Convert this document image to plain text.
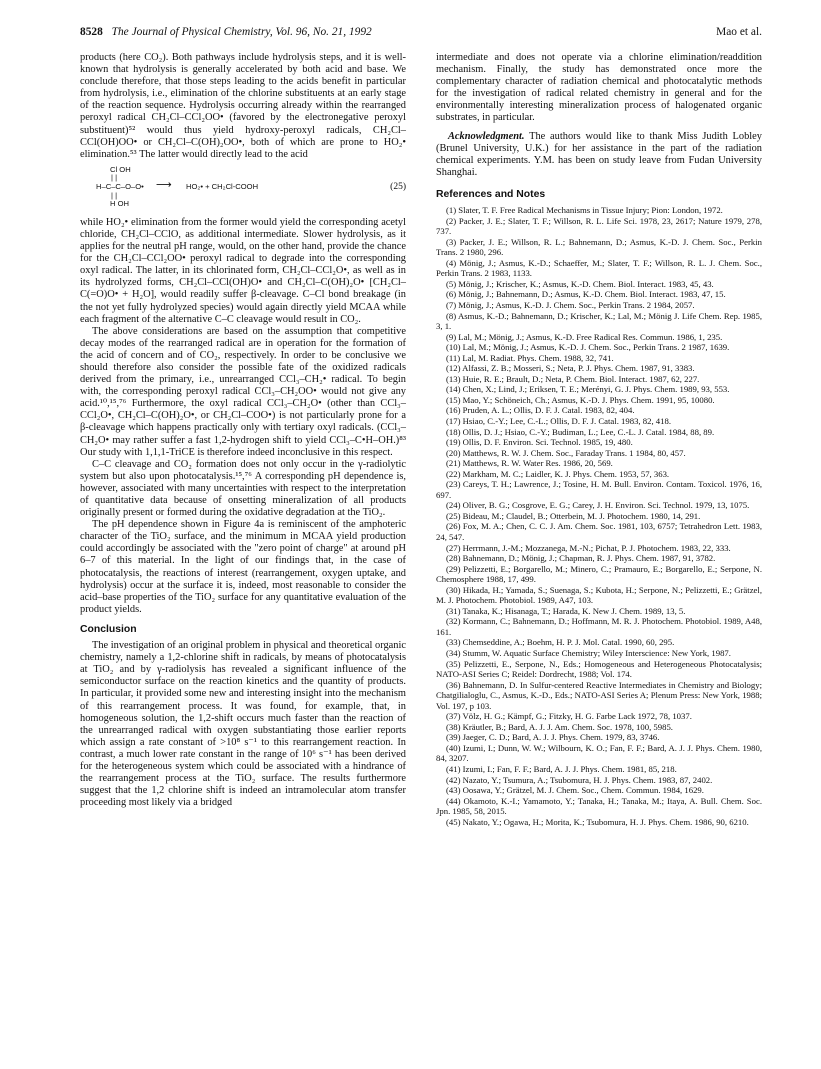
8528 The Journal of Physical Chemistry, Vol. 96, No. 21, 1992	Mao et al.

products (here CO₂). Both pathways include hydrolysis steps, and it is well-known that hydrolysis is generally accelerated by both acid and base. We conclude therefore, that those steps leading to the acids benefit in particular from hydrolysis, i.e., elimination of the chlorine substituents at an early stage of the reaction sequence. Hydrolysis occurring already within the rearranged peroxyl radical CH₂Cl–CCl₂OO• (favored by the electronegative peroxyl substituent)⁵² would thus yield hydroxy-peroxyl radicals, CH₂Cl–CCl(OH)OO• or CH₂Cl–C(OH)₂OO•, both of which are prone to HO₂• elimination.⁵³ The latter would directly lead to the acid

Cl OH
| |
H–C–C–O–O• ⟶ HO₂• + CH₂Cl-COOH
| |
H OH
(25)

while HO₂• elimination from the former would yield the corresponding acetyl chloride, CH₂Cl–CClO, as additional intermediate. Slower hydrolysis, as it applies for the neutral pH range, would, on the other hand, provide the chance for the CH₂Cl–CCl₂OO• peroxyl radical to degrade into the corresponding oxyl radical. The latter, in its chlorinated form, CH₂Cl–CCl₂O•, as well as in its hydrolyzed forms, CH₂Cl–CCl(OH)O• and CH₂Cl–C(OH)₂O• [CH₂Cl–C(=O)O• + H₂O], would readily suffer β-cleavage. C–Cl bond breakage (in the not yet fully hydrolyzed species) would again directly yield MCAA while each fragment of the alternative C–C cleavage would result in CO₂.

The above considerations are based on the assumption that competitive decay modes of the rearranged radical are in operation for the formation of the acid of concern and of CO₂, respectively. In order to be conclusive we should therefore also consider the possible fate of the oxidized radicals derived from the primary, i.e., unrearranged CCl₃–CH₂• radical. To begin with, the corresponding peroxyl radical CCl₃–CH₂OO• would not give any acid.¹⁰,¹⁵,⁷⁶ Furthermore, the oxyl radical CCl₃–CH₂O• (other than CCl₃–CCl₂O•, CH₂Cl–C(OH)₂O•, or CH₂Cl–COO•) is not particularly prone for a β-cleavage which happens practically only with tertiary oxyl radicals. (CCl₃–CH₂O• may rather suffer a fast 1,2-hydrogen shift to yield CCl₃–C•H–OH.)⁸³ Our study with 1,1,1-TriCE is therefore indeed inconclusive in this respect.

C–C cleavage and CO₂ formation does not only occur in the γ-radiolytic system but also upon photocatalysis.¹⁵,⁷⁶ A corresponding pH dependence is, however, associated with many uncertainties with respect to the interpretation of quantitative data because of onsetting mineralization of all products originally present or formed during the oxidative degradation at the TiO₂.

The pH dependence shown in Figure 4a is reminiscent of the amphoteric character of the TiO₂ surface, and the minimum in MCAA yield production could accordingly be associated with the "zero point of charge" at around pH 6–7 of this material. In the light of our findings that, in the case of photocatalysis, the reactions of interest (rearrangement, oxygen uptake, and hydrolysis) occur at the surface it is, indeed, most reasonable to consider the acid–base properties of the TiO₂ surface for any quantitative evaluation of the product yields.

Conclusion

The investigation of an original problem in physical and theoretical organic chemistry, namely a 1,2-chlorine shift in radicals, by means of photocatalysis at TiO₂ and by γ-radiolysis has revealed a significant influence of the semiconductor surface on the reaction kinetics and the quantity of products. In particular, it provided some new and interesting insight into the mechanism of this rearrangement process. It was found, for example, that, in homogeneous solution, the 1,2-shift occurs much faster than the reaction of the unrearranged radical with oxygen substantiating those earlier reports which assign a rate constant of >10⁸ s⁻¹ to this rearrangement reaction. In contrast, a much lower rate constant in the range of 10⁶ s⁻¹ has been derived for the heterogeneous system which could be associated with a hindrance of the rearrangement process at the TiO₂ surface. The results furthermore suggest that the 1,2 chlorine shift is indeed an intramolecular atom transfer proceeding most likely via a bridged

intermediate and does not operate via a chlorine elimination/readdition mechanism. Finally, the study has demonstrated once more the complementary character of radiation chemical and photocatalytic methods for the investigation of radical related chemistry in general and for the environmentally interesting mineralization process of halogenated organic substrates, in particular.

Acknowledgment. The authors would like to thank Miss Judith Lobley (Brunel University, U.K.) for her assistance in the part of the radiation chemical experiments. Y.M. has been on study leave from Fudan University Shanghai.

References and Notes

(1) Slater, T. F. Free Radical Mechanisms in Tissue Injury; Pion: London, 1972.

(2) Packer, J. E.; Slater, T. F.; Willson, R. L. Life Sci. 1978, 23, 2617; Nature 1979, 278, 737.

(3) Packer, J. E.; Willson, R. L.; Bahnemann, D.; Asmus, K.-D. J. Chem. Soc., Perkin Trans. 2 1980, 296.

(4) Mönig, J.; Asmus, K.-D.; Schaeffer, M.; Slater, T. F.; Willson, R. L. J. Chem. Soc., Perkin Trans. 2 1983, 1133.

(5) Mönig, J.; Krischer, K.; Asmus, K.-D. Chem. Biol. Interact. 1983, 45, 43.

(6) Mönig, J.; Bahnemann, D.; Asmus, K.-D. Chem. Biol. Interact. 1983, 47, 15.

(7) Mönig, J.; Asmus, K.-D. J. Chem. Soc., Perkin Trans. 2 1984, 2057.

(8) Asmus, K.-D.; Bahnemann, D.; Krischer, K.; Lal, M.; Mönig J. Life Chem. Rep. 1985, 3, 1.

(9) Lal, M.; Mönig, J.; Asmus, K.-D. Free Radical Res. Commun. 1986, 1, 235.

(10) Lal, M.; Mönig, J.; Asmus, K.-D. J. Chem. Soc., Perkin Trans. 2 1987, 1639.

(11) Lal, M. Radiat. Phys. Chem. 1988, 32, 741.

(12) Alfassi, Z. B.; Mosseri, S.; Neta, P. J. Phys. Chem. 1987, 91, 3383.

(13) Huie, R. E.; Brault, D.; Neta, P. Chem. Biol. Interact. 1987, 62, 227.

(14) Chen, X.; Lind, J.; Eriksen, T. E.; Merényi, G. J. Phys. Chem. 1989, 93, 553.

(15) Mao, Y.; Schöneich, Ch.; Asmus, K.-D. J. Phys. Chem. 1991, 95, 10080.

(16) Pruden, A. L.; Ollis, D. F. J. Catal. 1983, 82, 404.

(17) Hsiao, C.-Y.; Lee, C.-L.; Ollis, D. F. J. Catal. 1983, 82, 418.

(18) Ollis, D. J.; Hsiao, C.-Y.; Budiman, L.; Lee, C.-L. J. Catal. 1984, 88, 89.

(19) Ollis, D. F. Environ. Sci. Technol. 1985, 19, 480.

(20) Matthews, R. W. J. Chem. Soc., Faraday Trans. 1 1984, 80, 457.

(21) Matthews, R. W. Water Res. 1986, 20, 569.

(22) Markham, M. C.; Laidler, K. J. Phys. Chem. 1953, 57, 363.

(23) Careys, T. H.; Lawrence, J.; Tosine, H. M. Bull. Environ. Contam. Toxicol. 1976, 16, 697.

(24) Oliver, B. G.; Cosgrove, E. G.; Carey, J. H. Environ. Sci. Technol. 1979, 13, 1075.

(25) Bideau, M.; Claudel, B.; Otterbein, M. J. Photochem. 1980, 14, 291.

(26) Fox, M. A.; Chen, C. C. J. Am. Chem. Soc. 1981, 103, 6757; Tetrahedron Lett. 1983, 24, 547.

(27) Herrmann, J.-M.; Mozzanega, M.-N.; Pichat, P. J. Photochem. 1983, 22, 333.

(28) Bahnemann, D.; Mönig, J.; Chapman, R. J. Phys. Chem. 1987, 91, 3782.

(29) Pelizzetti, E.; Borgarello, M.; Minero, C.; Pramauro, E.; Borgarello, E.; Serpone, N. Chemosphere 1988, 17, 499.

(30) Hikada, H.; Yamada, S.; Suenaga, S.; Kubota, H.; Serpone, N.; Pelizzetti, E.; Grätzel, M. J. Photochem. Photobiol. 1989, A47, 103.

(31) Tanaka, K.; Hisanaga, T.; Harada, K. New J. Chem. 1989, 13, 5.

(32) Kormann, C.; Bahnemann, D.; Hoffmann, M. R. J. Photochem. Photobiol. 1989, A48, 161.

(33) Chemseddine, A.; Boehm, H. P. J. Mol. Catal. 1990, 60, 295.

(34) Stumm, W. Aquatic Surface Chemistry; Wiley Interscience: New York, 1987.

(35) Pelizzetti, E., Serpone, N., Eds.; Homogeneous and Heterogeneous Photocatalysis; NATO-ASI Series C; Reidel: Dordrecht, 1988; Vol. 174.

(36) Bahnemann, D. In Sulfur-centered Reactive Intermediates in Chemistry and Biology; Chatgilialoglu, C., Asmus, K.-D., Eds.; NATO-ASI Series A; Plenum Press: New York, 1988; Vol. 197, p 103.

(37) Völz, H. G.; Kämpf, G.; Fitzky, H. G. Farbe Lack 1972, 78, 1037.

(38) Kräutler, B.; Bard, A. J. J. Am. Chem. Soc. 1978, 100, 5985.

(39) Jaeger, C. D.; Bard, A. J. J. Phys. Chem. 1979, 83, 3746.

(40) Izumi, I.; Dunn, W. W.; Wilbourn, K. O.; Fan, F. F.; Bard, A. J. J. Phys. Chem. 1980, 84, 3207.

(41) Izumi, I.; Fan, F. F.; Bard, A. J. J. Phys. Chem. 1981, 85, 218.

(42) Nazato, Y.; Tsumura, A.; Tsubomura, H. J. Phys. Chem. 1983, 87, 2402.

(43) Oosawa, Y.; Grätzel, M. J. Chem. Soc., Chem. Commun. 1984, 1629.

(44) Okamoto, K.-I.; Yamamoto, Y.; Tanaka, H.; Tanaka, M.; Itaya, A. Bull. Chem. Soc. Jpn. 1985, 58, 2015.

(45) Nakato, Y.; Ogawa, H.; Morita, K.; Tsubomura, H. J. Phys. Chem. 1986, 90, 6210.
